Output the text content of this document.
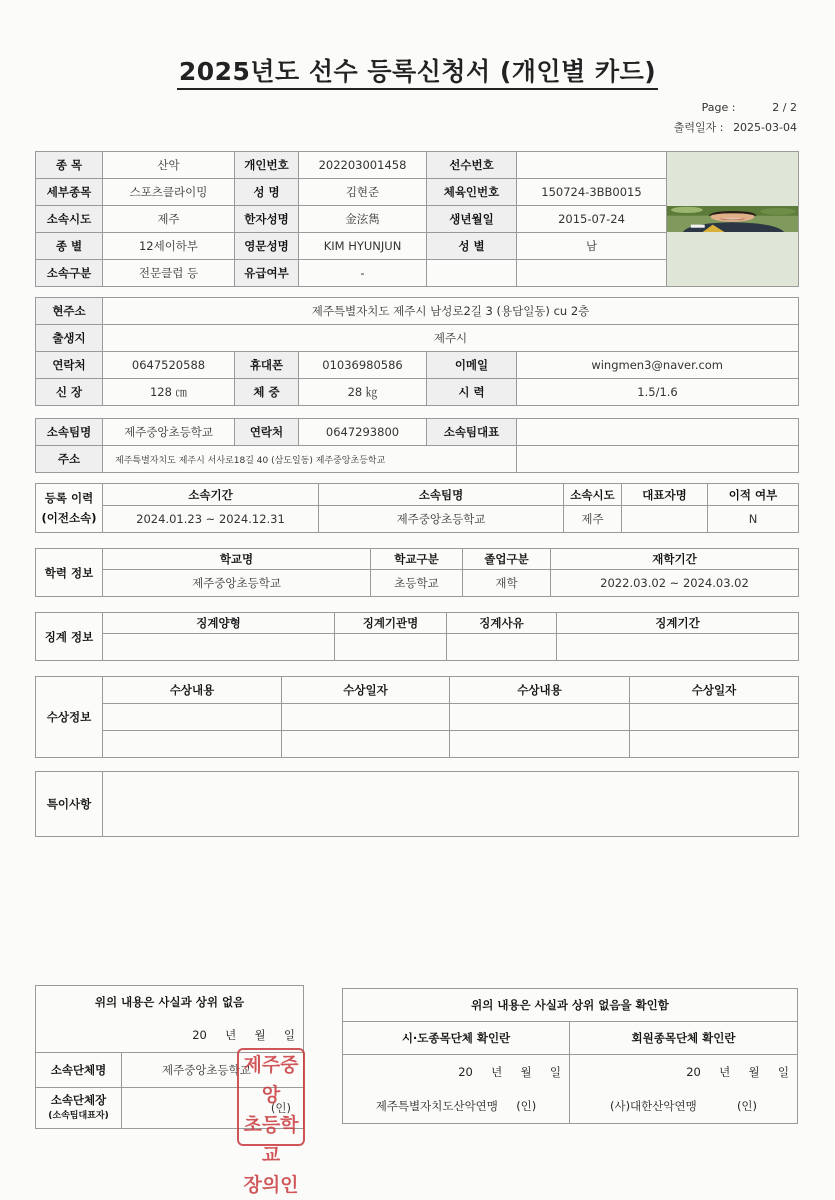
2025년도 선수 등록신청서 (개인별 카드)
Page :	2 / 2
출력일자 : 2025-03-04
종 목	산악	개인번호	202203001458	선수번호		

세부종목	스포츠클라이밍	성 명	김현준	체육인번호	150724-3BB0015	
소속시도	제주	한자성명	金泫雋	생년월일	2015-07-24	
종 별	12세이하부	영문성명	KIM HYUNJUN	성 별	남	
소속구분	전문클럽 등	유급여부	-			
현주소	제주특별자치도 제주시 남성로2길 3 (용담일동) cu 2층				
출생지	제주시				
연락처	0647520588	휴대폰	01036980586	이메일	wingmen3@naver.com
신 장	128 ㎝	체 중	28 ㎏	시 력	1.5/1.6
소속팀명	제주중앙초등학교	연락처	0647293800	소속팀대표	
주소	제주특별자치도 제주시 서사로18길 40 (삼도일동) 제주중앙초등학교				
등록 이력
(이전소속)	소속기간	소속팀명	소속시도	대표자명	이적 여부
	2024.01.23 ~ 2024.12.31	제주중앙초등학교	제주		N
학력 정보	학교명	학교구분	졸업구분	재학기간
	제주중앙초등학교	초등학교	재학	2022.03.02 ~ 2024.03.02
징계 정보	징계양형	징계기관명	징계사유	징계기간

수상정보	수상내용	수상일자	수상내용	수상일자

특이사항	
위의 내용은 사실과 상위 없음	
20     년     월     일	
소속단체명	제주중앙초등학교

소속단체장
(소속팀대표자)	(인)
제주중앙
초등학교
장의인
위의 내용은 사실과 상위 없음을 확인함	
시·도종목단체 확인란	회원종목단체 확인란
20     년     월     일	20     년     월     일
제주특별자치도산악연맹 (인)	(사)대한산악연맹 (인)
